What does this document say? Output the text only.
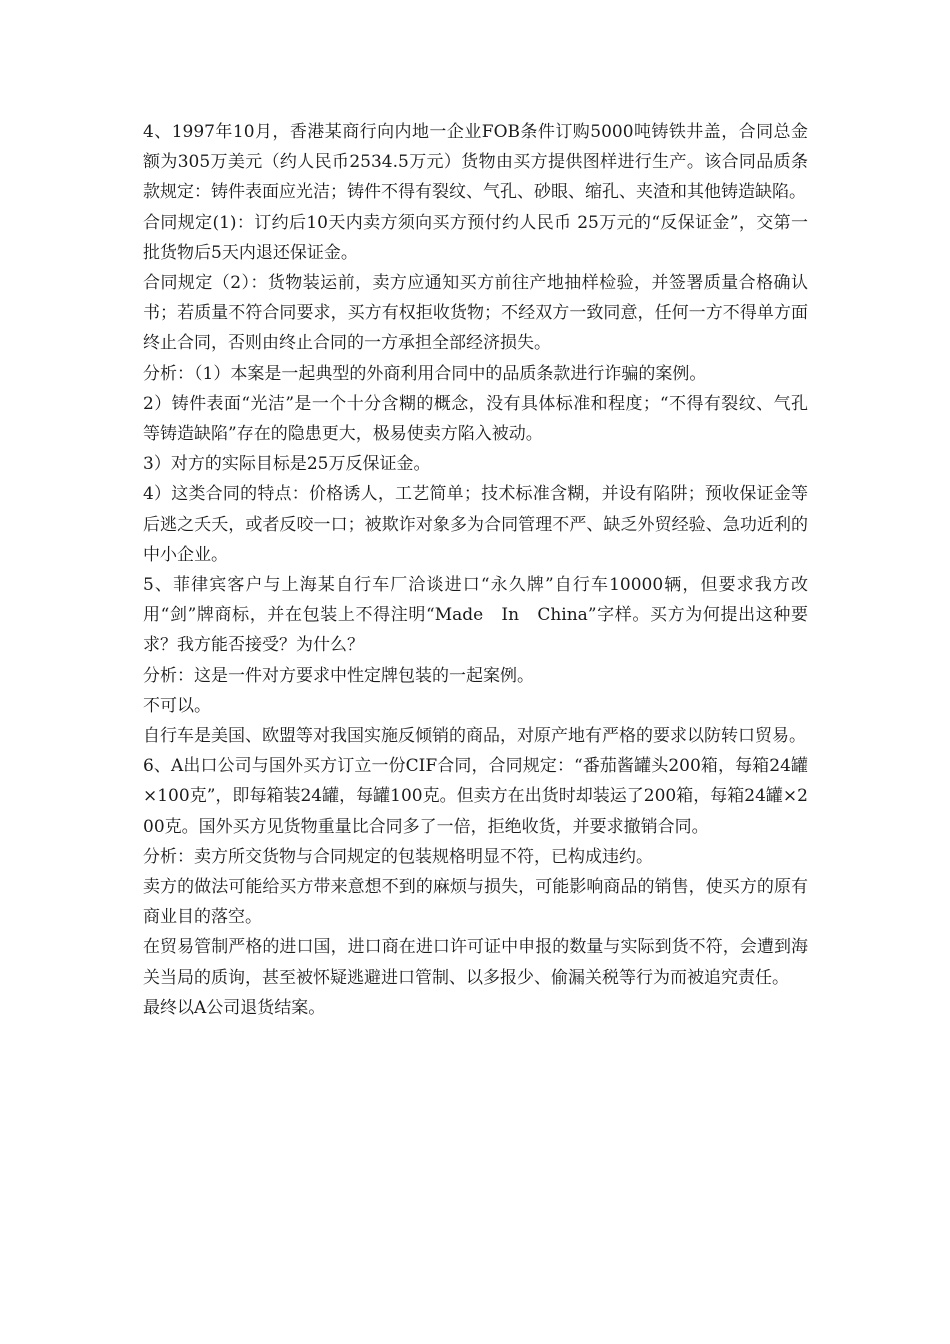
4、1997年10月，香港某商行向内地一企业FOB条件订购5000吨铸铁井盖，合同总金额为305万美元（约人民币2534.5万元）货物由买方提供图样进行生产。该合同品质条款规定：铸件表面应光洁；铸件不得有裂纹、气孔、砂眼、缩孔、夹渣和其他铸造缺陷。

合同规定(1)：订约后10天内卖方须向买方预付约人民币 25万元的“反保证金”，交第一批货物后5天内退还保证金。

合同规定（2）：货物装运前，卖方应通知买方前往产地抽样检验，并签署质量合格确认书；若质量不符合同要求，买方有权拒收货物；不经双方一致同意，任何一方不得单方面终止合同，否则由终止合同的一方承担全部经济损失。

分析：（1）本案是一起典型的外商利用合同中的品质条款进行诈骗的案例。

2）铸件表面“光洁”是一个十分含糊的概念，没有具体标准和程度；“不得有裂纹、气孔等铸造缺陷”存在的隐患更大，极易使卖方陷入被动。

3）对方的实际目标是25万反保证金。

4）这类合同的特点：价格诱人，工艺简单；技术标准含糊，并设有陷阱；预收保证金等后逃之夭夭，或者反咬一口；被欺诈对象多为合同管理不严、缺乏外贸经验、急功近利的中小企业。

5、菲律宾客户与上海某自行车厂洽谈进口“永久牌”自行车10000辆，但要求我方改用“剑”牌商标，并在包装上不得注明“Made　In　China”字样。买方为何提出这种要求？我方能否接受？为什么？

分析：这是一件对方要求中性定牌包装的一起案例。

不可以。

自行车是美国、欧盟等对我国实施反倾销的商品，对原产地有严格的要求以防转口贸易。

6、A出口公司与国外买方订立一份CIF合同，合同规定：“番茄酱罐头200箱，每箱24罐×100克”，即每箱装24罐，每罐100克。但卖方在出货时却装运了200箱，每箱24罐×200克。国外买方见货物重量比合同多了一倍，拒绝收货，并要求撤销合同。

分析：卖方所交货物与合同规定的包装规格明显不符，已构成违约。

卖方的做法可能给买方带来意想不到的麻烦与损失，可能影响商品的销售，使买方的原有商业目的落空。

在贸易管制严格的进口国，进口商在进口许可证中申报的数量与实际到货不符，会遭到海关当局的质询，甚至被怀疑逃避进口管制、以多报少、偷漏关税等行为而被追究责任。

最终以A公司退货结案。
